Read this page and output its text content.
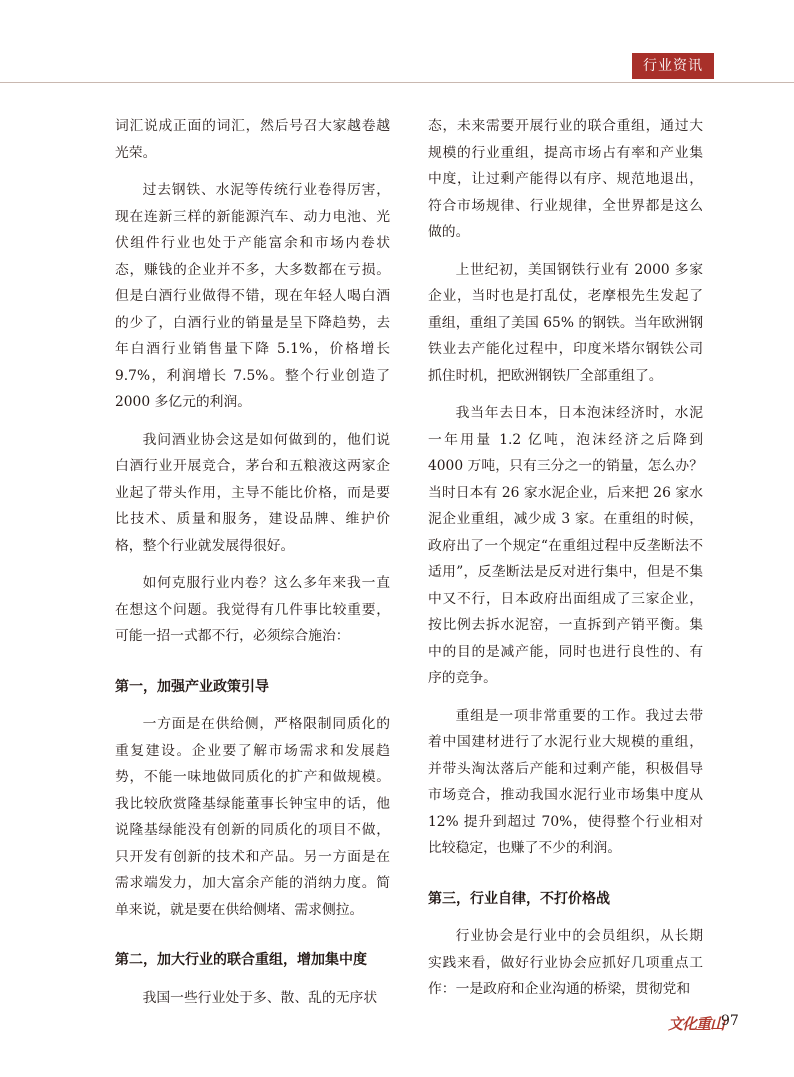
行业资讯

词汇说成正面的词汇，然后号召大家越卷越光荣。

过去钢铁、水泥等传统行业卷得厉害，现在连新三样的新能源汽车、动力电池、光伏组件行业也处于产能富余和市场内卷状态，赚钱的企业并不多，大多数都在亏损。但是白酒行业做得不错，现在年轻人喝白酒的少了，白酒行业的销量是呈下降趋势，去年白酒行业销售量下降 5.1%，价格增长 9.7%，利润增长 7.5%。整个行业创造了 2000 多亿元的利润。

我问酒业协会这是如何做到的，他们说白酒行业开展竞合，茅台和五粮液这两家企业起了带头作用，主导不能比价格，而是要比技术、质量和服务，建设品牌、维护价格，整个行业就发展得很好。

如何克服行业内卷？这么多年来我一直在想这个问题。我觉得有几件事比较重要，可能一招一式都不行，必须综合施治：

第一，加强产业政策引导

一方面是在供给侧，严格限制同质化的重复建设。企业要了解市场需求和发展趋势，不能一味地做同质化的扩产和做规模。我比较欣赏隆基绿能董事长钟宝申的话，他说隆基绿能没有创新的同质化的项目不做，只开发有创新的技术和产品。另一方面是在需求端发力，加大富余产能的消纳力度。简单来说，就是要在供给侧堵、需求侧拉。

第二，加大行业的联合重组，增加集中度

我国一些行业处于多、散、乱的无序状

态，未来需要开展行业的联合重组，通过大规模的行业重组，提高市场占有率和产业集中度，让过剩产能得以有序、规范地退出，符合市场规律、行业规律，全世界都是这么做的。

上世纪初，美国钢铁行业有 2000 多家企业，当时也是打乱仗，老摩根先生发起了重组，重组了美国 65% 的钢铁。当年欧洲钢铁业去产能化过程中，印度米塔尔钢铁公司抓住时机，把欧洲钢铁厂全部重组了。

我当年去日本，日本泡沫经济时，水泥一年用量 1.2 亿吨，泡沫经济之后降到 4000 万吨，只有三分之一的销量，怎么办？当时日本有 26 家水泥企业，后来把 26 家水泥企业重组，减少成 3 家。在重组的时候，政府出了一个规定“在重组过程中反垄断法不适用”，反垄断法是反对进行集中，但是不集中又不行，日本政府出面组成了三家企业，按比例去拆水泥窑，一直拆到产销平衡。集中的目的是减产能，同时也进行良性的、有序的竞争。

重组是一项非常重要的工作。我过去带着中国建材进行了水泥行业大规模的重组，并带头淘汰落后产能和过剩产能，积极倡导市场竞合，推动我国水泥行业市场集中度从 12% 提升到超过 70%，使得整个行业相对比较稳定，也赚了不少的利润。

第三，行业自律，不打价格战

行业协会是行业中的会员组织，从长期实践来看，做好行业协会应抓好几项重点工作：一是政府和企业沟通的桥梁，贯彻党和

文化重山
97
